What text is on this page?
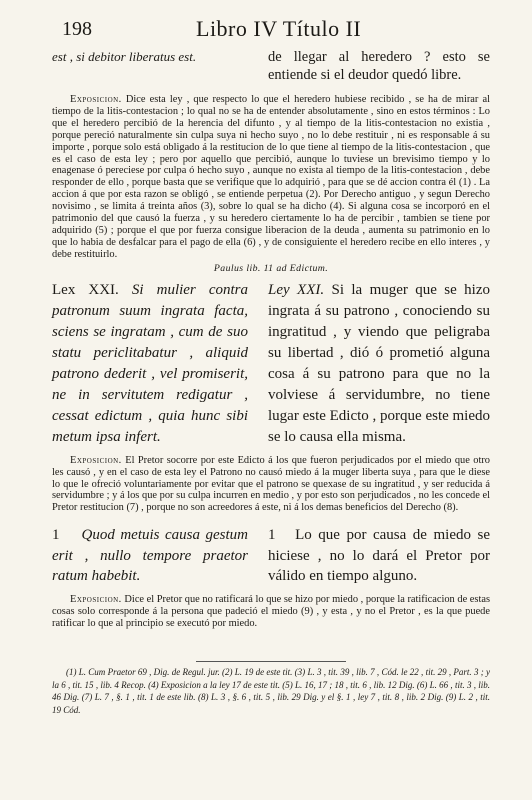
198	Libro IV Título II
est , si debitor liberatus est.	de llegar al heredero ? esto se entiende si el deudor quedó libre.

Exposicion. Dice esta ley , que respecto lo que el heredero hubiese recibido , se ha de mirar al tiempo de la litis-contestacion ; lo qual no se ha de entender absolutamente , sino en estos términos : Lo que el heredero percibió de la herencia del difunto , y al tiempo de la litis-contestacion no existia , porque pereció naturalmente sin culpa suya ni hecho suyo , no lo debe restituir , ni es responsable á su importe , porque solo está obligado á la restitucion de lo que tiene al tiempo de la litis-contestacion , que es el caso de esta ley ; pero por aquello que percibió, aunque lo tuviese un brevisimo tiempo y lo enagenase ó pereciese por culpa ó hecho suyo , aunque no exista al tiempo de la litis-contestacion , debe responder de ello , porque basta que se verifique que lo adquirió , para que se dé accion contra él (1) . La accion á que por esta razon se obligó , se entiende perpetua (2). Por Derecho antiguo , y segun Derecho novisimo , se limita á treinta años (3), sobre lo qual se ha dicho (4). Si alguna cosa se incorporó en el patrimonio del que causó la fuerza , y su heredero ciertamente lo ha de percibir , tambien se tiene por adquirido (5) ; porque el que por fuerza consigue liberacion de la deuda , aumenta su patrimonio en lo que lo habia de desfalcar para el pago de ella (6) , y de consiguiente el heredero recibe en ello interes , y debe restituirlo.

Paulus lib. 11 ad Edictum.
Lex XXI. Si mulier contra patronum suum ingrata facta, sciens se ingratam , cum de suo statu periclitabatur , aliquid patrono dederit , vel promiserit, ne in servitutem redigatur , cessat edictum , quia hunc sibi metum ipsa infert.
Ley XXI. Si la muger que se hizo ingrata á su patrono , conociendo su ingratitud , y viendo que peligraba su libertad , dió ó prometió alguna cosa á su patrono para que no la volviese á servidumbre, no tiene lugar este Edicto , porque este miedo se lo causa ella misma.

Exposicion. El Pretor socorre por este Edicto á los que fueron perjudicados por el miedo que otro les causó , y en el caso de esta ley el Patrono no causó miedo á la muger liberta suya , para que le diese lo que le ofreció voluntariamente por evitar que el patrono se quexase de su ingratitud , y ser reducida á servidumbre ; y á los que por su culpa incurren en medio , y por esto son perjudicados , no les concede el Pretor restitucion (7) , porque no son acreedores á este, ni á los demas beneficios del Derecho (8).

1 Quod metuis causa gestum erit , nullo tempore praetor ratum habebit.
1 Lo que por causa de miedo se hiciese , no lo dará el Pretor por válido en tiempo alguno.

Exposicion. Dice el Pretor que no ratificará lo que se hizo por miedo , porque la ratificacion de estas cosas solo corresponde á la persona que padeció el miedo (9) , y esta , y no el Pretor , es la que puede ratificar lo que al principio se executó por miedo.

(1) L. Cum Praetor 69 , Dig. de Regul. jur. (2) L. 19 de este tit. (3) L. 3 , tit. 39 , lib. 7 , Cód. le 22 , tit. 29 , Part. 3 ; y la 6 , tit. 15 , lib. 4 Recop. (4) Exposicion a la ley 17 de este tit. (5) L. 16, 17 ; 18 , tit. 6 , lib. 12 Dig. (6) L. 66 , tit. 3 , lib. 46 Dig. (7) L. 7 , §. 1 , tit. 1 de este lib. (8) L. 3 , §. 6 , tit. 5 , lib. 29 Dig. y el §. 1 , ley 7 , tit. 8 , lib. 2 Dig. (9) L. 2 , tit. 19 Cód.
